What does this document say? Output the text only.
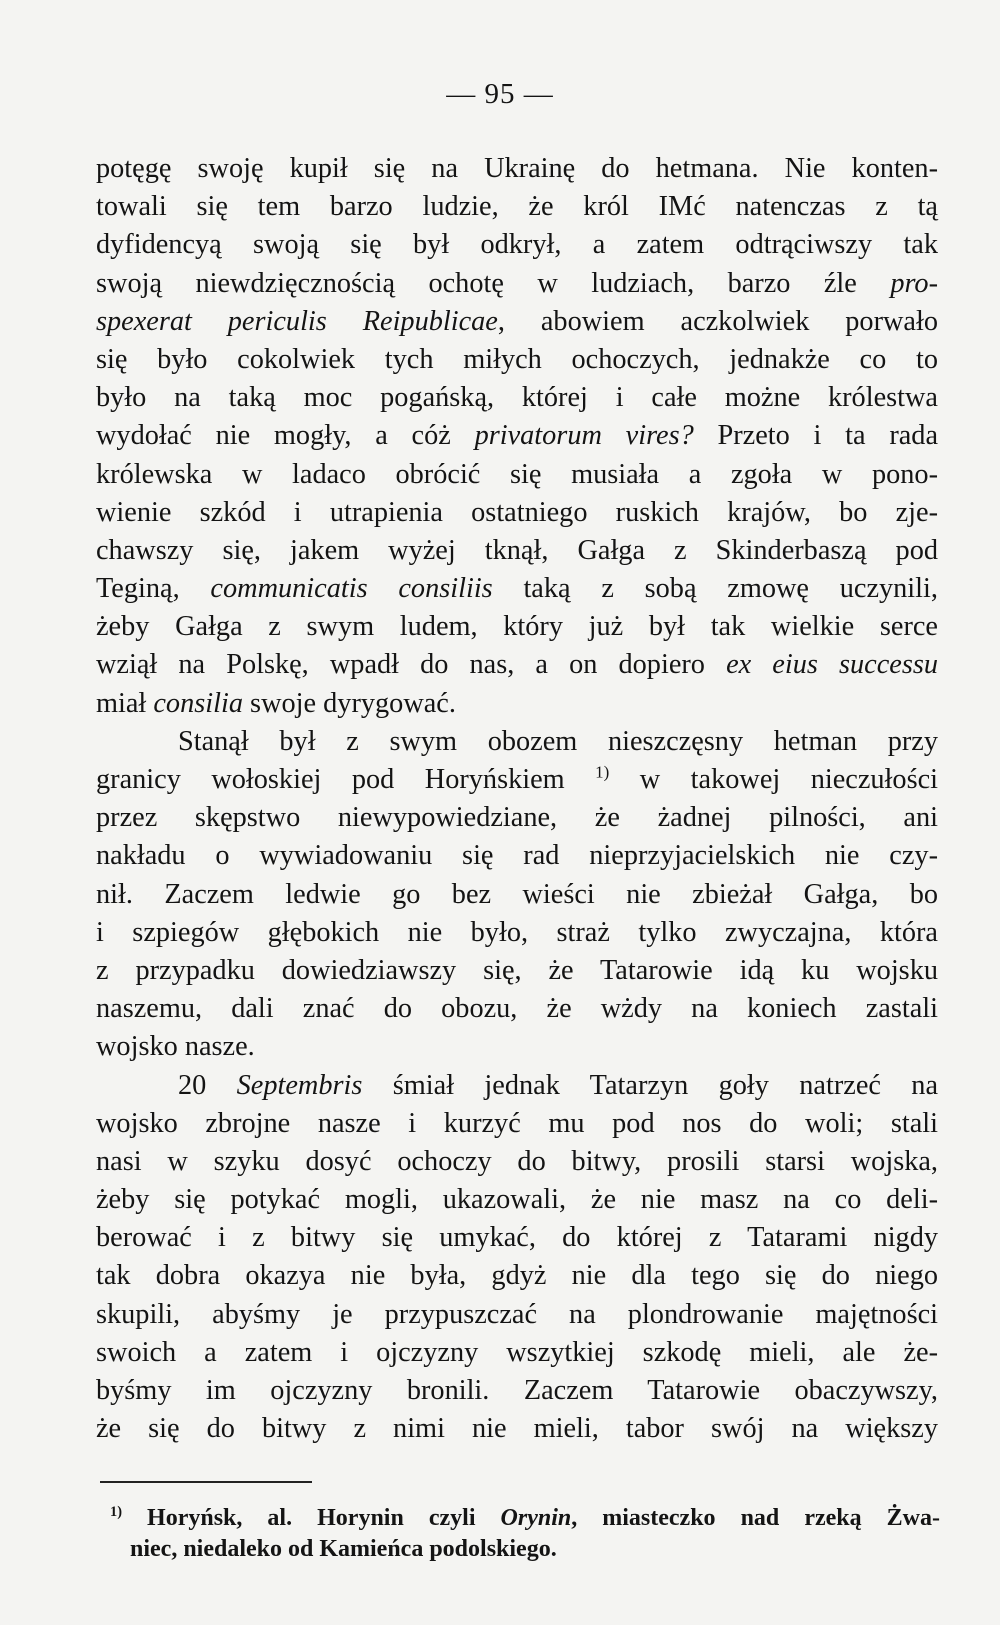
— 95 —
potęgę swoję kupił się na Ukrainę do hetmana. Nie konten-
towali się tem barzo ludzie, że król IMć natenczas z tą
dyfidencyą swoją się był odkrył, a zatem odtrąciwszy tak
swoją niewdzięcznością ochotę w ludziach, barzo źle pro-
spexerat periculis Reipublicae, abowiem aczkolwiek porwało
się było cokolwiek tych miłych ochoczych, jednakże co to
było na taką moc pogańską, której i całe możne królestwa
wydołać nie mogły, a cóż privatorum vires? Przeto i ta rada
królewska w ladaco obrócić się musiała a zgoła w pono-
wienie szkód i utrapienia ostatniego ruskich krajów, bo zje-
chawszy się, jakem wyżej tknął, Gałga z Skinderbaszą pod
Teginą, communicatis consiliis taką z sobą zmowę uczynili,
żeby Gałga z swym ludem, który już był tak wielkie serce
wziął na Polskę, wpadł do nas, a on dopiero ex eius successu
miał consilia swoje dyrygować.
Stanął był z swym obozem nieszczęsny hetman przy
granicy wołoskiej pod Horyńskiem $^{1)}$ w takowej nieczułości
przez skępstwo niewypowiedziane, że żadnej pilności, ani
nakładu o wywiadowaniu się rad nieprzyjacielskich nie czy-
nił. Zaczem ledwie go bez wieści nie zbieżał Gałga, bo
i szpiegów głębokich nie było, straż tylko zwyczajna, która
z przypadku dowiedziawszy się, że Tatarowie idą ku wojsku
naszemu, dali znać do obozu, że wżdy na koniech zastali
wojsko nasze.
20 Septembris śmiał jednak Tatarzyn goły natrzeć na
wojsko zbrojne nasze i kurzyć mu pod nos do woli; stali
nasi w szyku dosyć ochoczy do bitwy, prosili starsi wojska,
żeby się potykać mogli, ukazowali, że nie masz na co deli-
berować i z bitwy się umykać, do której z Tatarami nigdy
tak dobra okazya nie była, gdyż nie dla tego się do niego
skupili, abyśmy je przypuszczać na plondrowanie majętności
swoich a zatem i ojczyzny wszytkiej szkodę mieli, ale że-
byśmy im ojczyzny bronili. Zaczem Tatarowie obaczywszy,
że się do bitwy z nimi nie mieli, tabor swój na większy
$^{1)}$ Horyńsk, al. Horynin czyli Orynin, miasteczko nad rzeką Żwa-
niec, niedaleko od Kamieńca podolskiego.
